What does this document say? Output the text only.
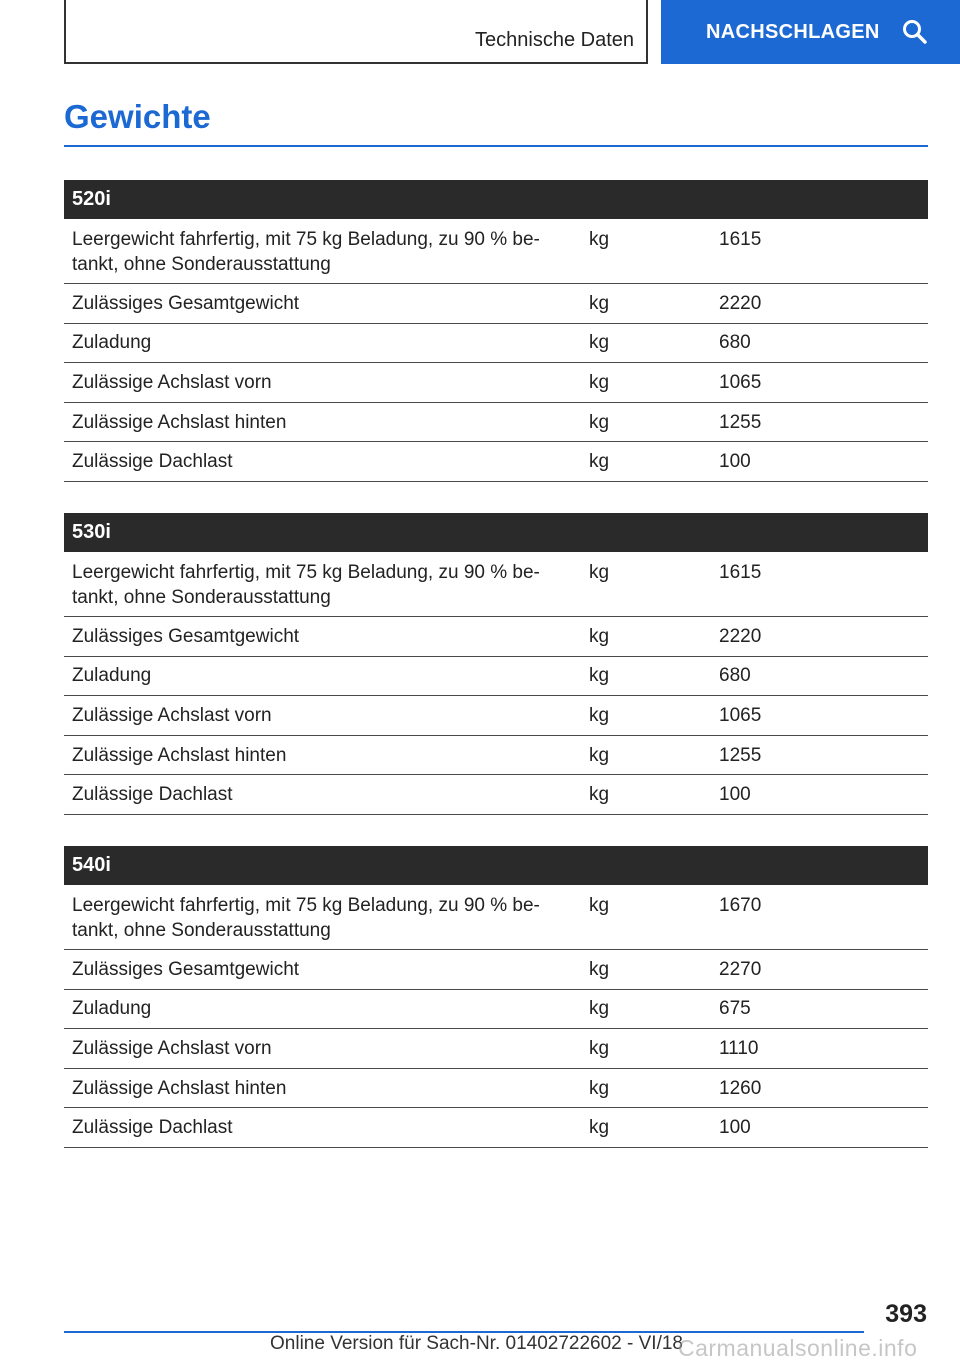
Technische Daten	NACHSCHLAGEN
Gewichte
520i
Leergewicht fahrfertig, mit 75 kg Beladung, zu 90 % be-
tankt, ohne Sonderausstattung
kg	1615
Zulässiges Gesamtgewicht	kg	2220
Zuladung	kg	680
Zulässige Achslast vorn	kg	1065
Zulässige Achslast hinten	kg	1255
Zulässige Dachlast	kg	100
530i
Leergewicht fahrfertig, mit 75 kg Beladung, zu 90 % be-
tankt, ohne Sonderausstattung
kg	1615
Zulässiges Gesamtgewicht	kg	2220
Zuladung	kg	680
Zulässige Achslast vorn	kg	1065
Zulässige Achslast hinten	kg	1255
Zulässige Dachlast	kg	100
540i
Leergewicht fahrfertig, mit 75 kg Beladung, zu 90 % be-
tankt, ohne Sonderausstattung
kg	1670
Zulässiges Gesamtgewicht	kg	2270
Zuladung	kg	675
Zulässige Achslast vorn	kg	1110
Zulässige Achslast hinten	kg	1260
Zulässige Dachlast	kg	100
393
Online Version für Sach-Nr. 01402722602 - VI/18
Carmanualsonline.info
